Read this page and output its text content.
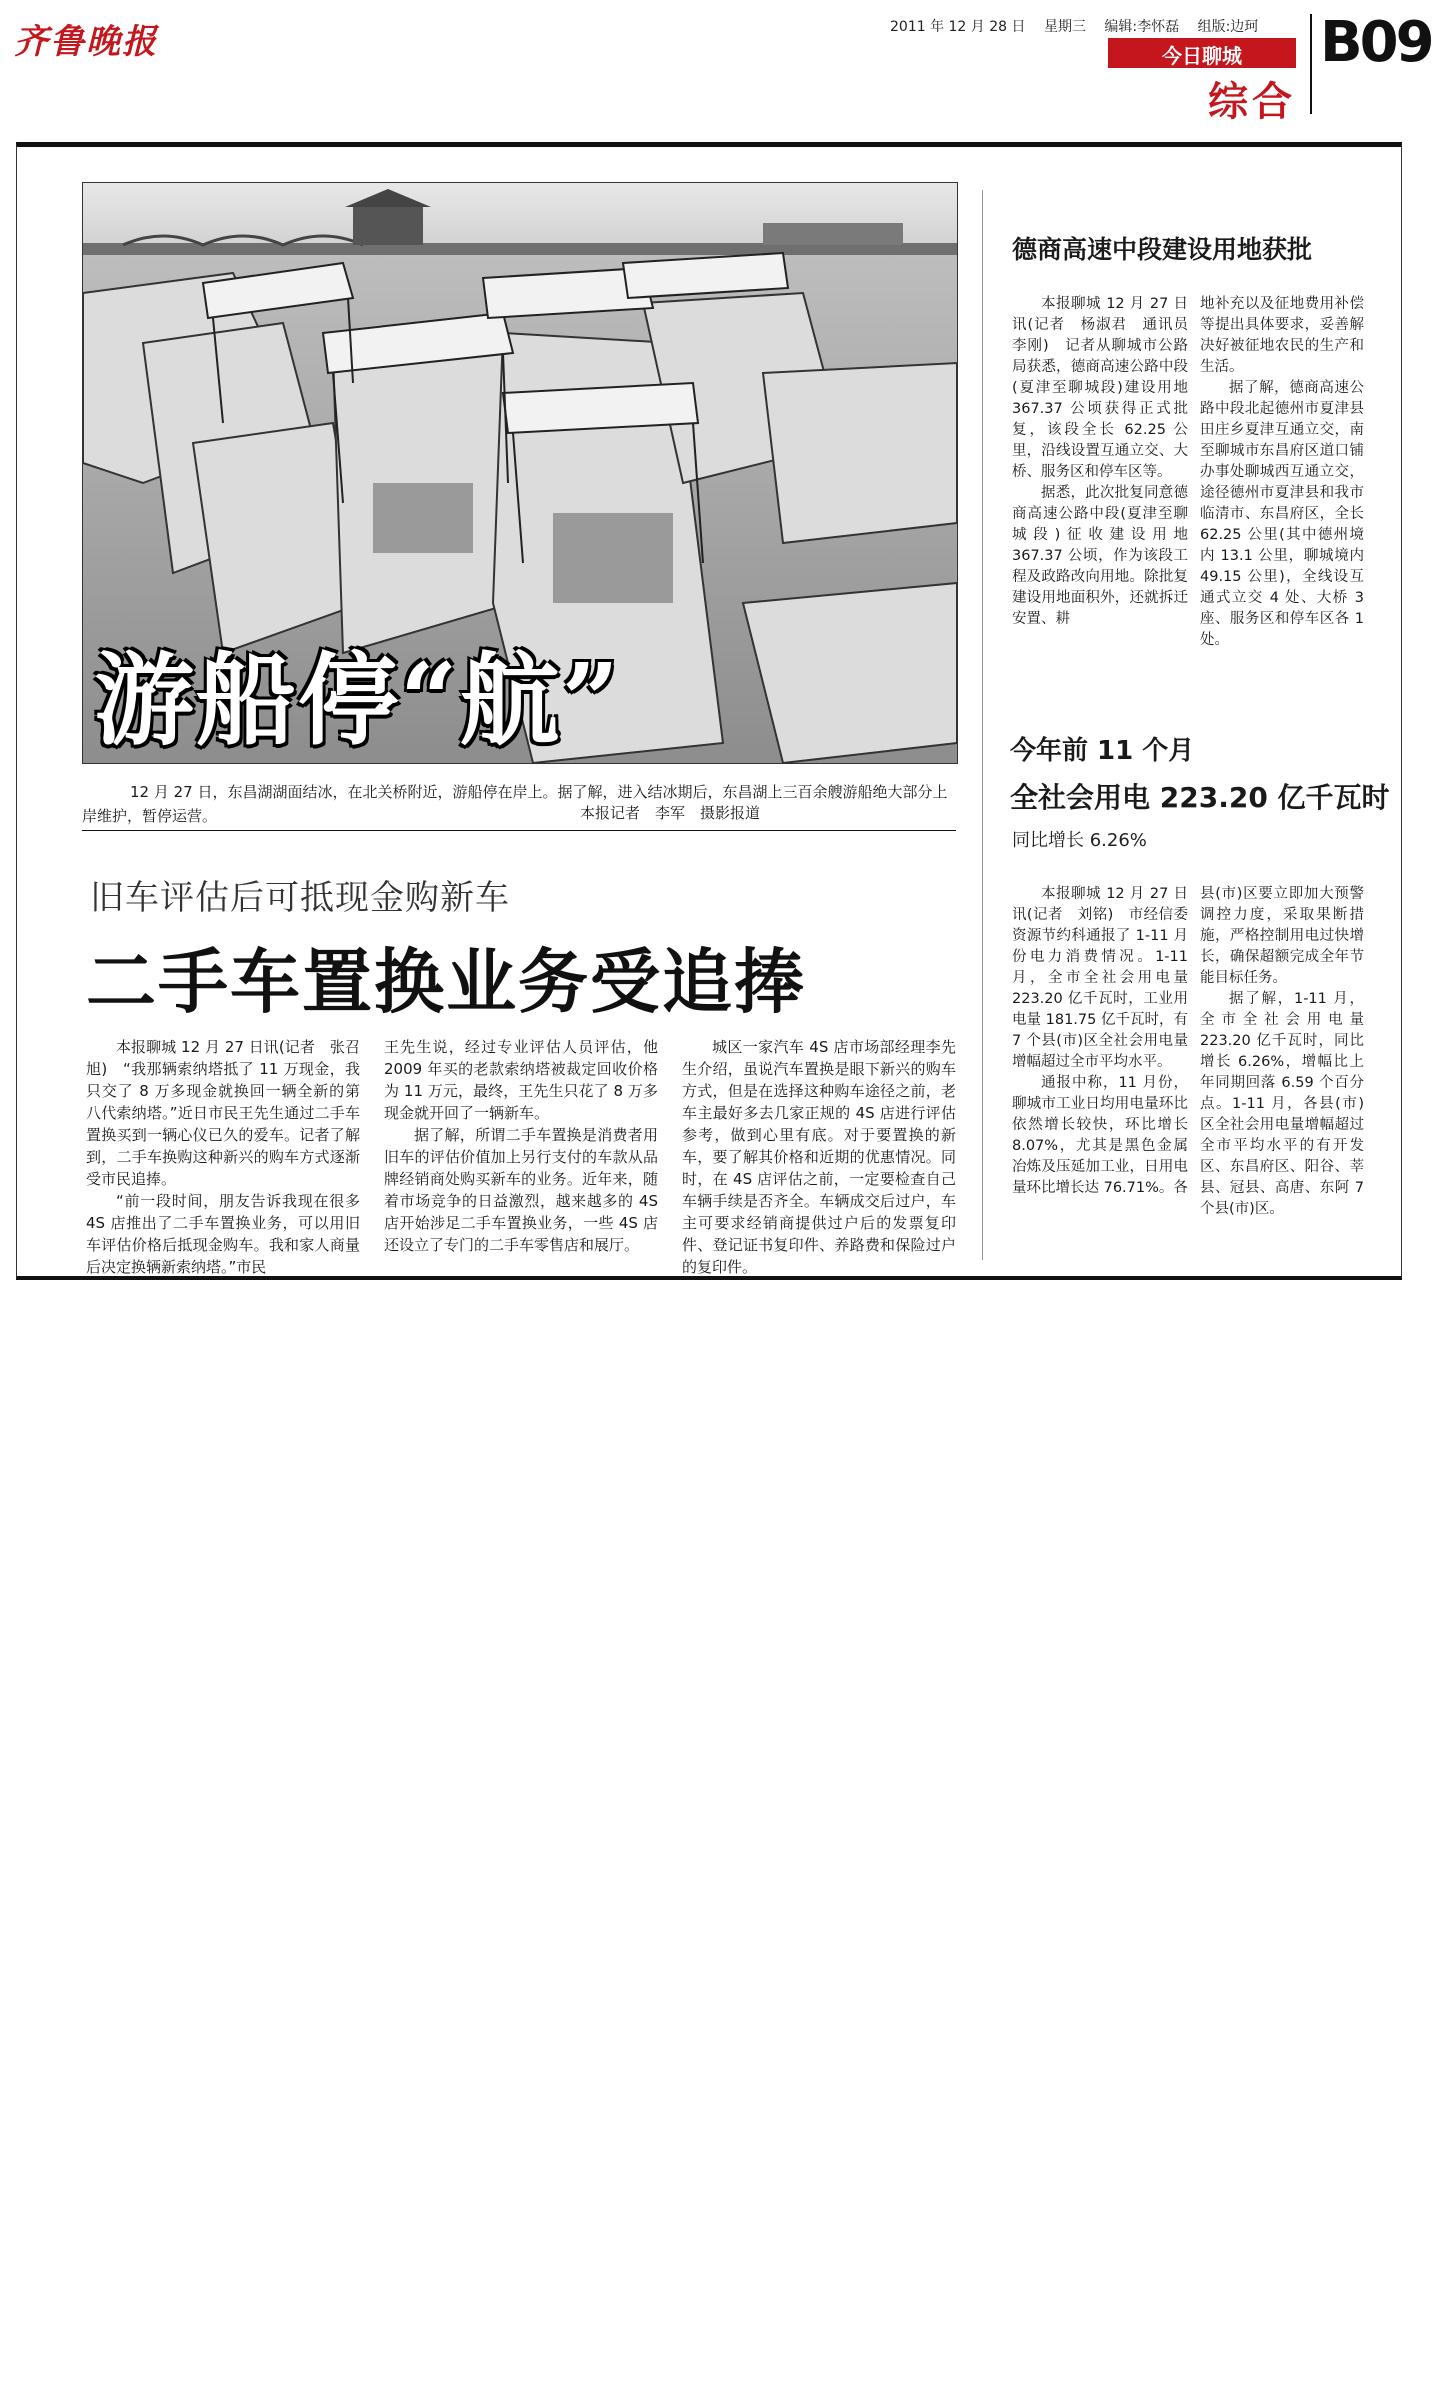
齐鲁晚报	2011 年 12 月 28 日 星期三 编辑:李怀磊 组版:边珂
今日聊城
综合
B09
游船停“航”
12 月 27 日，东昌湖湖面结冰，在北关桥附近，游船停在岸上。据了解，进入结冰期后，东昌湖上三百余艘游船绝大部分上岸维护，暂停运营。	本报记者　李军　摄影报道
旧车评估后可抵现金购新车
二手车置换业务受追捧

本报聊城 12 月 27 日讯(记者　张召旭)　“我那辆索纳塔抵了 11 万现金，我只交了 8 万多现金就换回一辆全新的第八代索纳塔。”近日市民王先生通过二手车置换买到一辆心仪已久的爱车。记者了解到，二手车换购这种新兴的购车方式逐渐受市民追捧。

“前一段时间，朋友告诉我现在很多 4S 店推出了二手车置换业务，可以用旧车评估价格后抵现金购车。我和家人商量后决定换辆新索纳塔。”市民

王先生说，经过专业评估人员评估，他 2009 年买的老款索纳塔被裁定回收价格为 11 万元，最终，王先生只花了 8 万多现金就开回了一辆新车。

据了解，所谓二手车置换是消费者用旧车的评估价值加上另行支付的车款从品牌经销商处购买新车的业务。近年来，随着市场竞争的日益激烈，越来越多的 4S 店开始涉足二手车置换业务，一些 4S 店还设立了专门的二手车零售店和展厅。

城区一家汽车 4S 店市场部经理李先生介绍，虽说汽车置换是眼下新兴的购车方式，但是在选择这种购车途径之前，老车主最好多去几家正规的 4S 店进行评估参考，做到心里有底。对于要置换的新车，要了解其价格和近期的优惠情况。同时，在 4S 店评估之前，一定要检查自己车辆手续是否齐全。车辆成交后过户，车主可要求经销商提供过户后的发票复印件、登记证书复印件、养路费和保险过户的复印件。

德商高速中段建设用地获批

本报聊城 12 月 27 日讯(记者　杨淑君　通讯员　李刚)　记者从聊城市公路局获悉，德商高速公路中段(夏津至聊城段)建设用地 367.37 公顷获得正式批复，该段全长 62.25 公里，沿线设置互通立交、大桥、服务区和停车区等。

据悉，此次批复同意德商高速公路中段(夏津至聊城段)征收建设用地 367.37 公顷，作为该段工程及政路改向用地。除批复建设用地面积外，还就拆迁安置、耕

地补充以及征地费用补偿等提出具体要求，妥善解决好被征地农民的生产和生活。

据了解，德商高速公路中段北起德州市夏津县田庄乡夏津互通立交，南至聊城市东昌府区道口铺办事处聊城西互通立交，途径德州市夏津县和我市临清市、东昌府区，全长 62.25 公里(其中德州境内 13.1 公里，聊城境内 49.15 公里)，全线设互通式立交 4 处、大桥 3 座、服务区和停车区各 1 处。

今年前 11 个月
全社会用电 223.20 亿千瓦时
同比增长 6.26%

本报聊城 12 月 27 日讯(记者　刘铭)　市经信委资源节约科通报了 1-11 月份电力消费情况。1-11 月，全市全社会用电量 223.20 亿千瓦时，工业用电量 181.75 亿千瓦时，有 7 个县(市)区全社会用电量增幅超过全市平均水平。

通报中称，11 月份，聊城市工业日均用电量环比依然增长较快，环比增长 8.07%，尤其是黑色金属冶炼及压延加工业，日用电量环比增长达 76.71%。各

县(市)区要立即加大预警调控力度，采取果断措施，严格控制用电过快增长，确保超额完成全年节能目标任务。

据了解，1-11 月，全市全社会用电量 223.20 亿千瓦时，同比增长 6.26%，增幅比上年同期回落 6.59 个百分点。1-11 月，各县(市)区全社会用电量增幅超过全市平均水平的有开发区、东昌府区、阳谷、莘县、冠县、高唐、东阿 7 个县(市)区。
